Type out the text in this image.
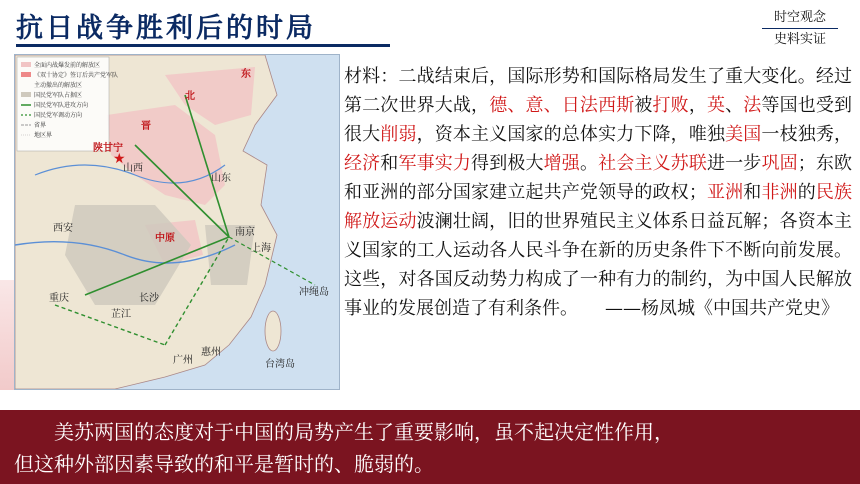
抗日战争胜利后的时局	时空观念
史料实证
全面内战爆发前的解放区
《双十协定》签订后共产党军队
主动撤出的解放区
国民党军队占据区
国民党军队进攻方向
国民党军调动方向
省界
地区界
★
陕甘宁
西安
重庆
南京
长沙
芷江
广州
惠州
台湾岛
冲绳岛
山东
北
晋
山西
中原
东
上海
材料：二战结束后，国际形势和国际格局发生了重大变化。经过第二次世界大战，德、意、日法西斯被打败，英、法等国也受到很大削弱，资本主义国家的总体实力下降，唯独美国一枝独秀，经济和军事实力得到极大增强。社会主义苏联进一步巩固；东欧和亚洲的部分国家建立起共产党领导的政权；亚洲和非洲的民族解放运动波澜壮阔，旧的世界殖民主义体系日益瓦解；各资本主义国家的工人运动各人民斗争在新的历史条件下不断向前发展。这些，对各国反动势力构成了一种有力的制约，为中国人民解放事业的发展创造了有利条件。　　——杨凤城《中国共产党史》

美苏两国的态度对于中国的局势产生了重要影响，虽不起决定性作用，

但这种外部因素导致的和平是暂时的、脆弱的。
